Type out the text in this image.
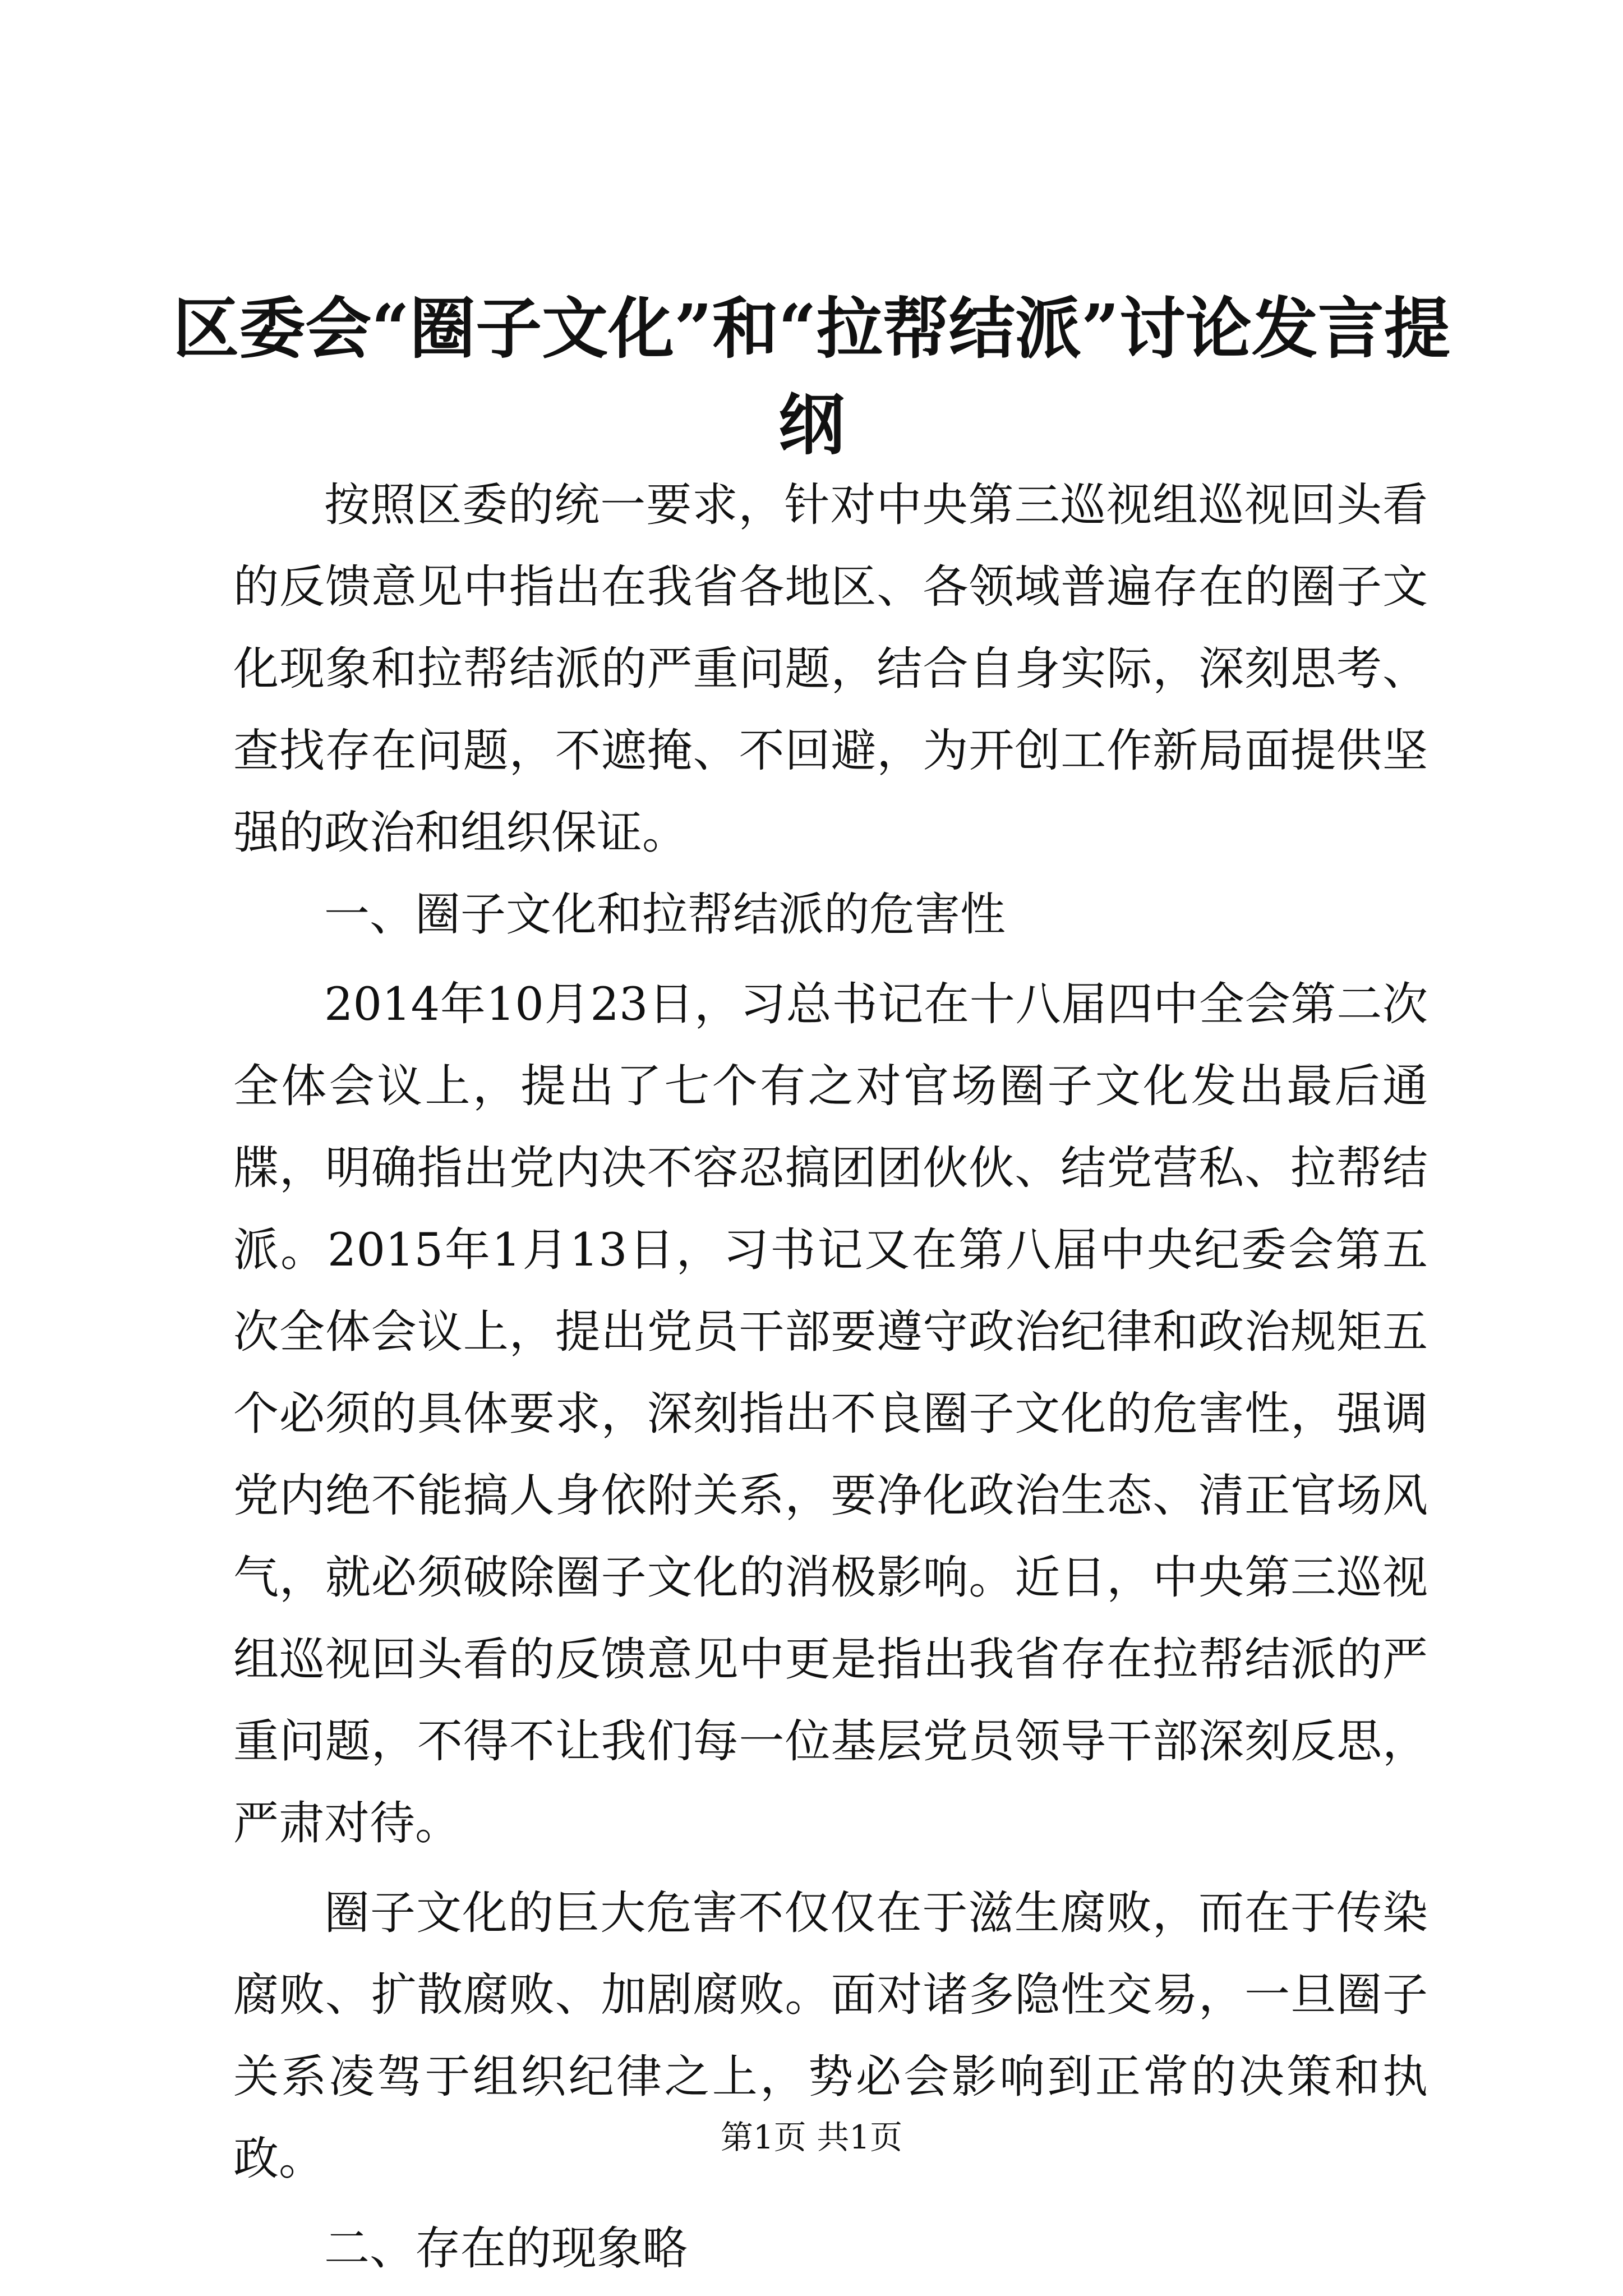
区委会“圈子文化”和“拉帮结派”讨论发言提纲

按照区委的统一要求，针对中央第三巡视组巡视回头看的反馈意见中指出在我省各地区、各领域普遍存在的圈子文化现象和拉帮结派的严重问题，结合自身实际，深刻思考、查找存在问题，不遮掩、不回避，为开创工作新局面提供坚强的政治和组织保证。

一、圈子文化和拉帮结派的危害性

2014年10月23日，习总书记在十八届四中全会第二次全体会议上，提出了七个有之对官场圈子文化发出最后通牒，明确指出党内决不容忍搞团团伙伙、结党营私、拉帮结派。2015年1月13日，习书记又在第八届中央纪委会第五次全体会议上，提出党员干部要遵守政治纪律和政治规矩五个必须的具体要求，深刻指出不良圈子文化的危害性，强调党内绝不能搞人身依附关系，要净化政治生态、清正官场风气，就必须破除圈子文化的消极影响。近日，中央第三巡视组巡视回头看的反馈意见中更是指出我省存在拉帮结派的严重问题，不得不让我们每一位基层党员领导干部深刻反思，严肃对待。

圈子文化的巨大危害不仅仅在于滋生腐败，而在于传染腐败、扩散腐败、加剧腐败。面对诸多隐性交易，一旦圈子关系凌驾于组织纪律之上，势必会影响到正常的决策和执政。

二、存在的现象略

第1页 共1页
